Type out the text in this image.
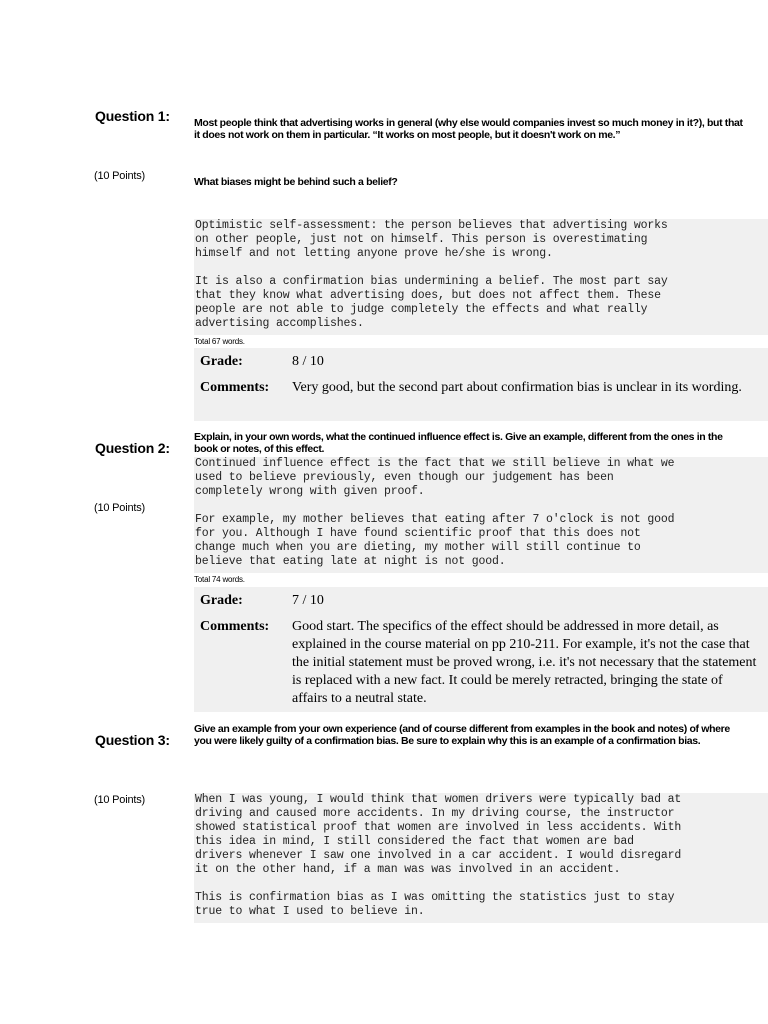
Question 1: Most people think that advertising works in general (why else would companies invest so much money in it?), but that it does not work on them in particular. “It works on most people, but it doesn't work on me.”
(10 Points)	What biases might be behind such a belief?

Optimistic self-assessment: the person believes that advertising works
on other people, just not on himself. This person is overestimating
himself and not letting anyone prove he/she is wrong.

It is also a confirmation bias undermining a belief. The most part say
that they know what advertising does, but does not affect them. These
people are not able to judge completely the effects and what really
advertising accomplishes.

Total 67 words.
Grade:	8 / 10
Comments:	Very good, but the second part about confirmation bias is unclear in its wording.
Explain, in your own words, what the continued influence effect is. Give an example, different from the ones in the book or notes, of this effect.
Question 2:

Continued influence effect is the fact that we still believe in what we
used to believe previously, even though our judgement has been
completely wrong with given proof.

For example, my mother believes that eating after 7 o'clock is not good
for you. Although I have found scientific proof that this does not
change much when you are dieting, my mother will still continue to
believe that eating late at night is not good.

(10 Points)
Total 74 words.
Grade:	7 / 10
Comments:	Good start. The specifics of the effect should be addressed in more detail, as explained in the course material on pp 210-211. For example, it's not the case that the initial statement must be proved wrong, i.e. it's not necessary that the statement is replaced with a new fact. It could be merely retracted, bringing the state of affairs to a neutral state.
Give an example from your own experience (and of course different from examples in the book and notes) of where you were likely guilty of a confirmation bias. Be sure to explain why this is an example of a confirmation bias.
Question 3:
(10 Points)	When I was young, I would think that women drivers were typically bad at
driving and caused more accidents. In my driving course, the instructor
showed statistical proof that women are involved in less accidents. With
this idea in mind, I still considered the fact that women are bad
drivers whenever I saw one involved in a car accident. I would disregard
it on the other hand, if a man was was involved in an accident.

This is confirmation bias as I was omitting the statistics just to stay
true to what I used to believe in.
